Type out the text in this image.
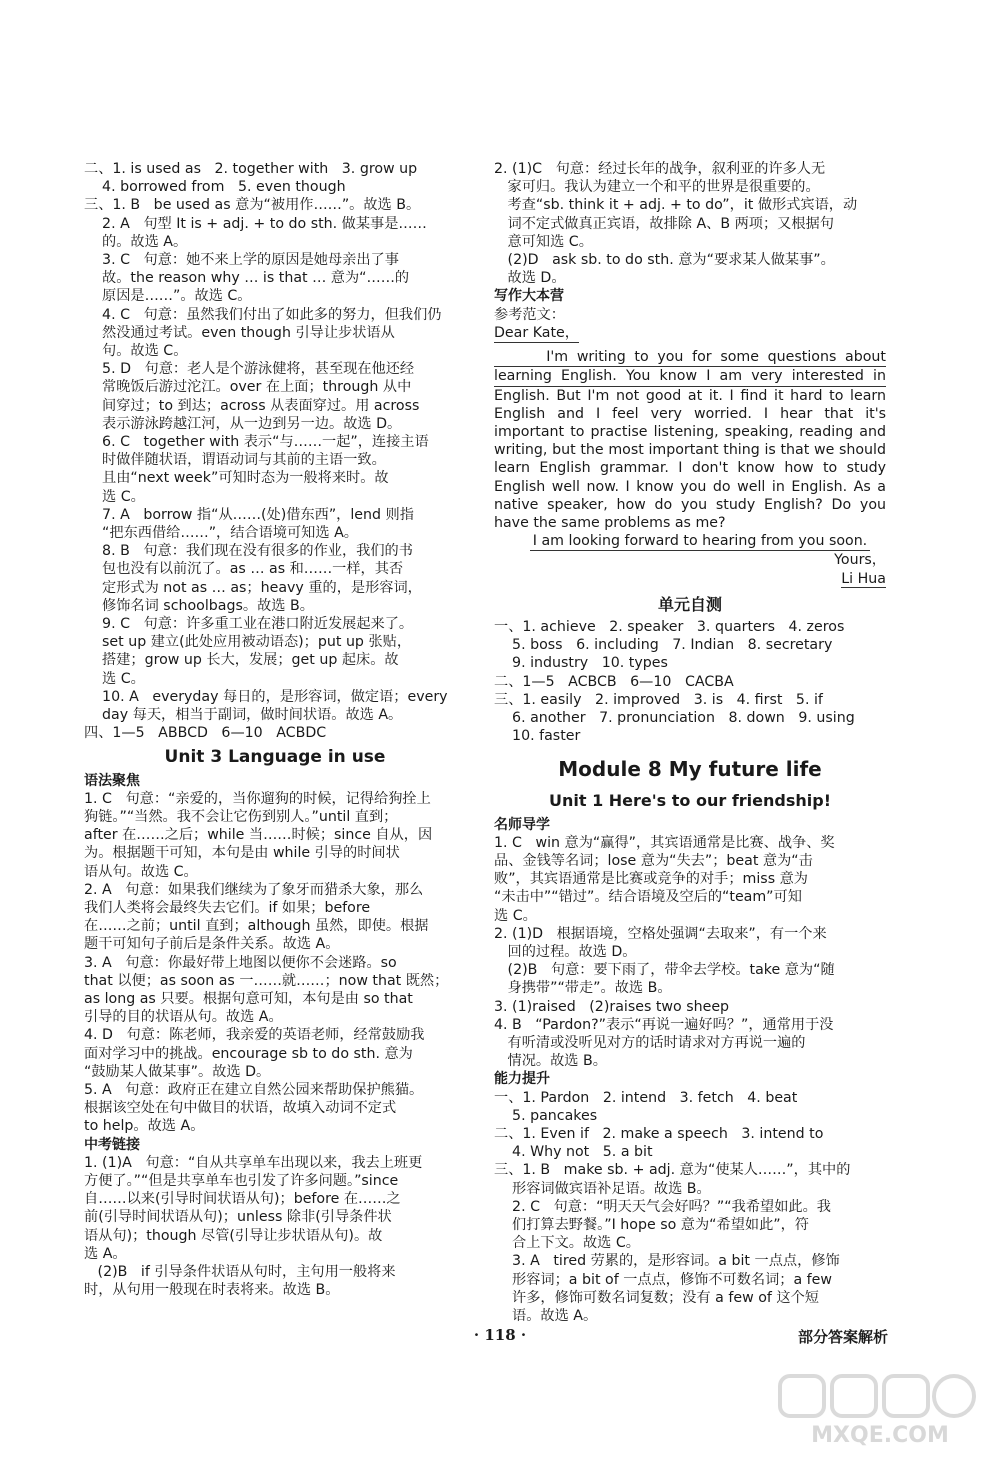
二、1. is used as   2. together with   3. grow up
4. borrowed from   5. even though
三、1. B   be used as 意为“被用作……”。故选 B。
2. A   句型 It is + adj. + to do sth. 做某事是……
的。故选 A。
3. C   句意：她不来上学的原因是她母亲出了事
故。the reason why … is that … 意为“……的
原因是……”。故选 C。
4. C   句意：虽然我们付出了如此多的努力，但我们仍
然没通过考试。even though 引导让步状语从
句。故选 C。
5. D   句意：老人是个游泳健将，甚至现在他还经
常晚饭后游过沱江。over 在上面；through 从中
间穿过；to 到达；across 从表面穿过。用 across
表示游泳跨越江河，从一边到另一边。故选 D。
6. C   together with 表示“与……一起”，连接主语
时做伴随状语，谓语动词与其前的主语一致。
且由“next week”可知时态为一般将来时。故
选 C。
7. A   borrow 指“从……(处)借东西”，lend 则指
“把东西借给……”，结合语境可知选 A。
8. B   句意：我们现在没有很多的作业，我们的书
包也没有以前沉了。as … as 和……一样，其否
定形式为 not as … as；heavy 重的，是形容词，
修饰名词 schoolbags。故选 B。
9. C   句意：许多重工业在港口附近发展起来了。
set up 建立(此处应用被动语态)；put up 张贴，
搭建；grow up 长大，发展；get up 起床。故
选 C。
10. A   everyday 每日的，是形容词，做定语；every
day 每天，相当于副词，做时间状语。故选 A。
四、1—5   ABBCD   6—10   ACBDC
Unit 3 Language in use
语法聚焦
1. C   句意：“亲爱的，当你遛狗的时候，记得给狗拴上
狗链。”“当然。我不会让它伤到别人。”until 直到；
after 在……之后；while 当……时候；since 自从，因
为。根据题干可知，本句是由 while 引导的时间状
语从句。故选 C。
2. A   句意：如果我们继续为了象牙而猎杀大象，那么
我们人类将会最终失去它们。if 如果；before
在……之前；until 直到；although 虽然，即使。根据
题干可知句子前后是条件关系。故选 A。
3. A   句意：你最好带上地图以便你不会迷路。so
that 以便；as soon as 一……就……；now that 既然；
as long as 只要。根据句意可知，本句是由 so that
引导的目的状语从句。故选 A。
4. D   句意：陈老师，我亲爱的英语老师，经常鼓励我
面对学习中的挑战。encourage sb to do sth. 意为
“鼓励某人做某事”。故选 D。
5. A   句意：政府正在建立自然公园来帮助保护熊猫。
根据该空处在句中做目的状语，故填入动词不定式
to help。故选 A。
中考链接
1. (1)A   句意：“自从共享单车出现以来，我去上班更
方便了。”“但是共享单车也引发了许多问题。”since
自……以来(引导时间状语从句)；before 在……之
前(引导时间状语从句)；unless 除非(引导条件状
语从句)；though 尽管(引导让步状语从句)。故
选 A。
(2)B   if 引导条件状语从句时，主句用一般将来
时，从句用一般现在时表将来。故选 B。
2. (1)C   句意：经过长年的战争，叙利亚的许多人无
家可归。我认为建立一个和平的世界是很重要的。
考查“sb. think it + adj. + to do”，it 做形式宾语，动
词不定式做真正宾语，故排除 A、B 两项；又根据句
意可知选 C。
(2)D   ask sb. to do sth. 意为“要求某人做某事”。
故选 D。
写作大本营
参考范文：
Dear Kate，
I'm writing to you for some questions about
learning English. You know I am very interested in
English. But I'm not good at it. I find it hard to learn
English and I feel very worried. I hear that it's
important to practise listening, speaking, reading and
writing, but the most important thing is that we should
learn English grammar. I don't know how to study
English well now. I know you do well in English. As a
native speaker, how do you study English? Do you
have the same problems as me?
I am looking forward to hearing from you soon.
Yours，
Li Hua
单元自测
一、1. achieve   2. speaker   3. quarters   4. zeros
5. boss   6. including   7. Indian   8. secretary
9. industry   10. types
二、1—5   ACBCB   6—10   CACBA
三、1. easily   2. improved   3. is   4. first   5. if
6. another   7. pronunciation   8. down   9. using
10. faster
Module 8 My future life
Unit 1 Here's to our friendship!
名师导学
1. C   win 意为“赢得”，其宾语通常是比赛、战争、奖
品、金钱等名词；lose 意为“失去”；beat 意为“击
败”，其宾语通常是比赛或竞争的对手；miss 意为
“未击中”“错过”。结合语境及空后的“team”可知
选 C。
2. (1)D   根据语境，空格处强调“去取来”，有一个来
回的过程。故选 D。
(2)B   句意：要下雨了，带伞去学校。take 意为“随
身携带”“带走”。故选 B。
3. (1)raised   (2)raises two sheep
4. B   “Pardon?”表示“再说一遍好吗？”，通常用于没
有听清或没听见对方的话时请求对方再说一遍的
情况。故选 B。
能力提升
一、1. Pardon   2. intend   3. fetch   4. beat
5. pancakes
二、1. Even if   2. make a speech   3. intend to
4. Why not   5. a bit
三、1. B   make sb. + adj. 意为“使某人……”，其中的
形容词做宾语补足语。故选 B。
2. C   句意：“明天天气会好吗？”“我希望如此。我
们打算去野餐。”I hope so 意为“希望如此”，符
合上下文。故选 C。
3. A   tired 劳累的，是形容词。a bit 一点点，修饰
形容词；a bit of 一点点，修饰不可数名词；a few
许多，修饰可数名词复数；没有 a few of 这个短
语。故选 A。
· 118 ·	部分答案解析
MXQE.COM
